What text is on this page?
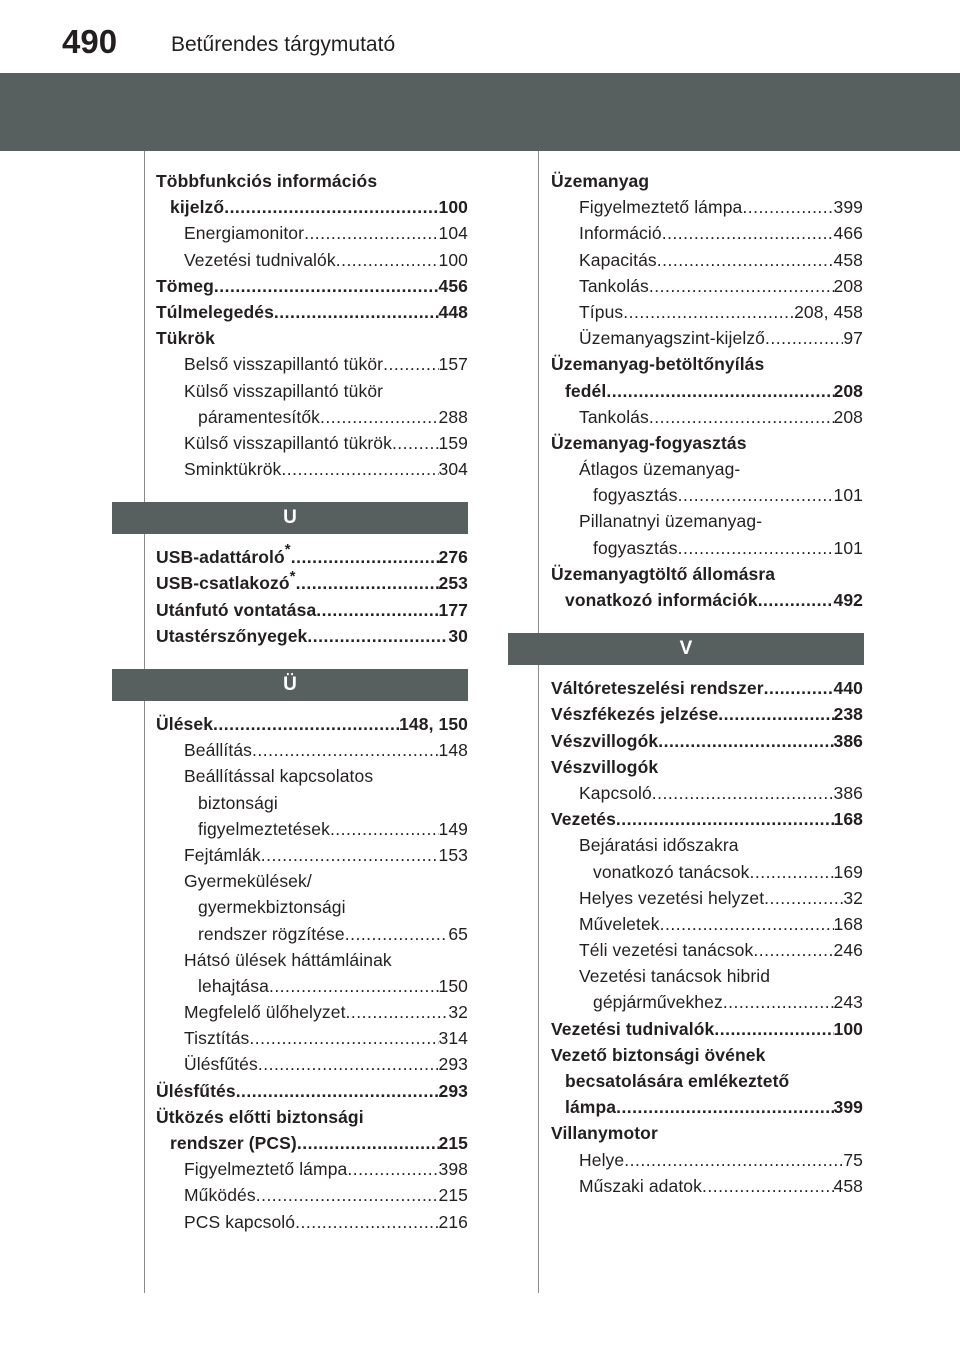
490	Betűrendes tárgymutató
Többfunkciós információs
kijelző .....	100
Energiamonitor .....	104
Vezetési tudnivalók .....	100
Tömeg .....	456
Túlmelegedés .....	448
Tükrök
Belső visszapillantó tükör .....	157
Külső visszapillantó tükör
páramentesítők .....	288
Külső visszapillantó tükrök .....	159
Sminktükrök .....	304
U
USB-adattároló* .....	276
USB-csatlakozó* .....	253
Utánfutó vontatása .....	177
Utastérszőnyegek .....	30
Ü
Ülések .....	148, 150
Beállítás .....	148
Beállítással kapcsolatos
biztonsági
figyelmeztetések .....	149
Fejtámlák .....	153
Gyermekülések/
gyermekbiztonsági
rendszer rögzítése .....	65
Hátsó ülések háttámláinak
lehajtása .....	150
Megfelelő ülőhelyzet .....	32
Tisztítás .....	314
Ülésfűtés .....	293
Ülésfűtés .....	293
Ütközés előtti biztonsági
rendszer (PCS) .....	215
Figyelmeztető lámpa .....	398
Működés .....	215
PCS kapcsoló .....	216
Üzemanyag
Figyelmeztető lámpa .....	399
Információ .....	466
Kapacitás .....	458
Tankolás .....	208
Típus .....	208, 458
Üzemanyagszint-kijelző .....	97
Üzemanyag-betöltőnyílás
fedél .....	208
Tankolás .....	208
Üzemanyag-fogyasztás
Átlagos üzemanyag-
fogyasztás .....	101
Pillanatnyi üzemanyag-
fogyasztás .....	101
Üzemanyagtöltő állomásra
vonatkozó információk .....	492
V
Váltóreteszelési rendszer .....	440
Vészfékezés jelzése .....	238
Vészvillogók .....	386
Vészvillogók
Kapcsoló .....	386
Vezetés .....	168
Bejáratási időszakra
vonatkozó tanácsok .....	169
Helyes vezetési helyzet .....	32
Műveletek .....	168
Téli vezetési tanácsok .....	246
Vezetési tanácsok hibrid
gépjárművekhez .....	243
Vezetési tudnivalók .....	100
Vezető biztonsági övének
becsatolására emlékeztető
lámpa .....	399
Villanymotor
Helye .....	75
Műszaki adatok .....	458
